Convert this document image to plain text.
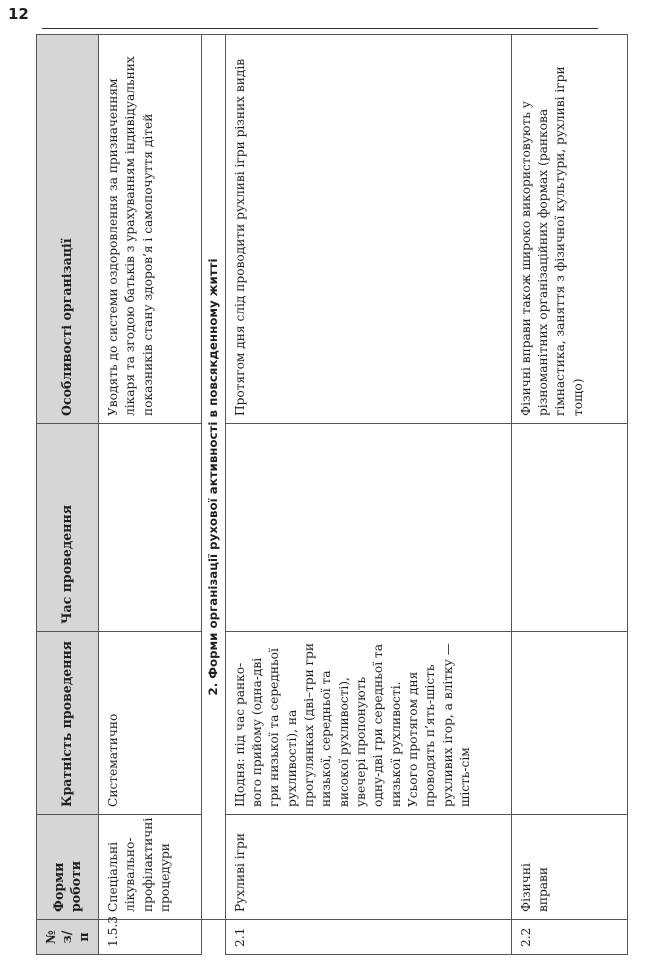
12
№ з/п	Форми роботи	Кратність проведення	Час проведення	Особливості організації
1.5.3	Спеціальні лікувально-профілактичні процедури	Систематично		Уводять до системи оздоровлення за призначенням лікаря та згодою батьків з урахуванням індивідуальних показників стану здоров’я і самопочуття дітей
	2. Форми організації рухової активності в повсякденному житті			
2.1	Рухливі ігри	Щодня: під час ранкового прийому (одна-дві гри низької та середньої рухливості), на прогулянках (дві–три гри низької, середньої та високої рухливості), увечері пропонують одну-дві гри середньої та низької рухливості. Усього протягом дня проводять п’ять-шість рухливих ігор, а влітку — шість-сім		Протягом дня слід проводити рухливі ігри різних видів
2.2	Фізичні вправи			Фізичні вправи також широко використовують у різноманітних організаційних формах (ранкова гімнастика, заняття з фізичної культури, рухливі ігри тощо)
